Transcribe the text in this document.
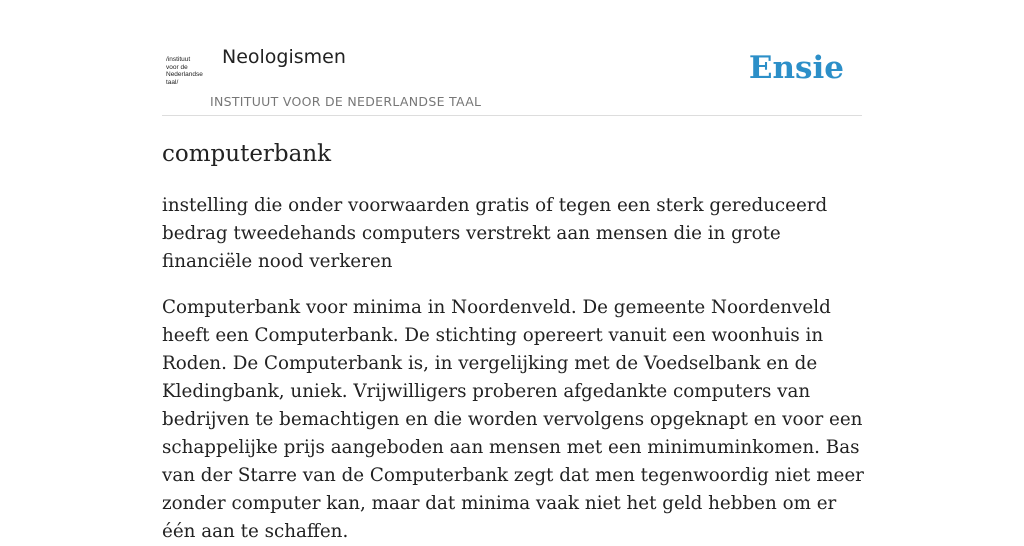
/instituut
voor de
Nederlandse
taal/
Neologismen
INSTITUUT VOOR DE NEDERLANDSE TAAL
Ensie
computerbank

instelling die onder voorwaarden gratis of tegen een sterk gereduceerd bedrag tweedehands computers verstrekt aan mensen die in grote financiële nood verkeren

Computerbank voor minima in Noordenveld. De gemeente Noordenveld heeft een Computerbank. De stichting opereert vanuit een woonhuis in Roden. De Computerbank is, in vergelijking met de Voedselbank en de Kledingbank, uniek. Vrijwilligers proberen afgedankte computers van bedrijven te bemachtigen en die worden vervolgens opgeknapt en voor een schappelijke prijs aangeboden aan mensen met een minimuminkomen. Bas van der Starre van de Computerbank zegt dat men tegenwoordig niet meer zonder computer kan, maar dat minima vaak niet het geld hebben om er één aan te schaffen.
